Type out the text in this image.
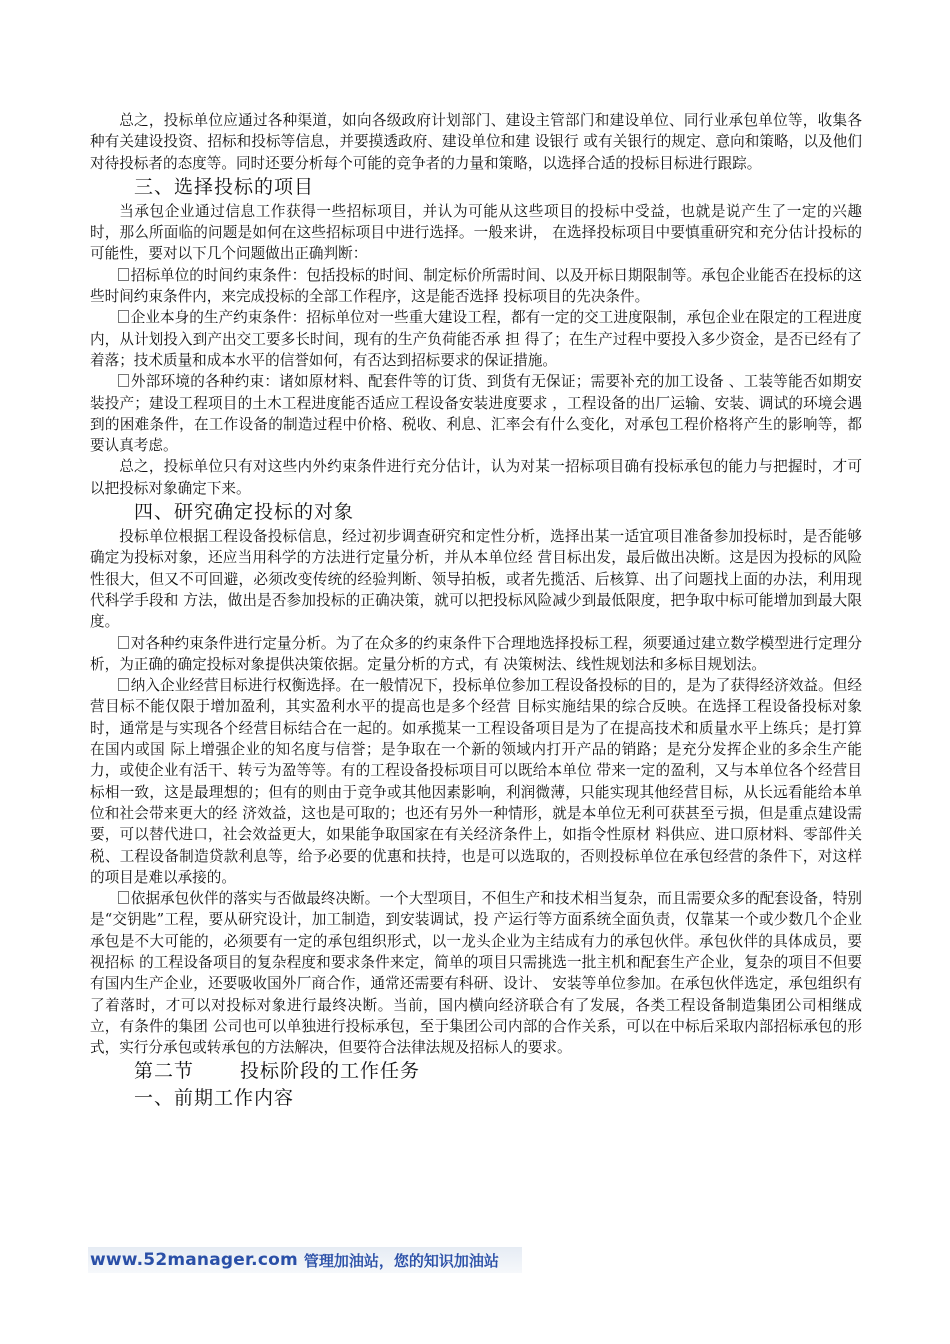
总之，投标单位应通过各种渠道，如向各级政府计划部门、建设主管部门和建设单位、同行业承包单位等，收集各种有关建设投资、招标和投标等信息，并要摸透政府、建设单位和建 设银行 或有关银行的规定、意向和策略，以及他们对待投标者的态度等。同时还要分析每个可能的竞争者的力量和策略，以选择合适的投标目标进行跟踪。

三、选择投标的项目

当承包企业通过信息工作获得一些招标项目，并认为可能从这些项目的投标中受益，也就是说产生了一定的兴趣时，那么所面临的问题是如何在这些招标项目中进行选择。一般来讲， 在选择投标项目中要慎重研究和充分估计投标的可能性，要对以下几个问题做出正确判断：

招标单位的时间约束条件：包括投标的时间、制定标价所需时间、以及开标日期限制等。承包企业能否在投标的这些时间约束条件内，来完成投标的全部工作程序，这是能否选择 投标项目的先决条件。

企业本身的生产约束条件：招标单位对一些重大建设工程，都有一定的交工进度限制，承包企业在限定的工程进度内，从计划投入到产出交工要多长时间，现有的生产负荷能否承 担 得了；在生产过程中要投入多少资金，是否已经有了着落；技术质量和成本水平的信誉如何，有否达到招标要求的保证措施。

外部环境的各种约束：诸如原材料、配套件等的订货、到货有无保证；需要补充的加工设备 、工装等能否如期安装投产；建设工程项目的土木工程进度能否适应工程设备安装进度要求 ，工程设备的出厂运输、安装、调试的环境会遇到的困难条件，在工作设备的制造过程中价格、税收、利息、汇率会有什么变化，对承包工程价格将产生的影响等，都要认真考虑。

总之，投标单位只有对这些内外约束条件进行充分估计，认为对某一招标项目确有投标承包的能力与把握时，才可以把投标对象确定下来。

四、研究确定投标的对象

投标单位根据工程设备投标信息，经过初步调查研究和定性分析，选择出某一适宜项目准备参加投标时，是否能够确定为投标对象，还应当用科学的方法进行定量分析，并从本单位经 营目标出发，最后做出决断。这是因为投标的风险性很大，但又不可回避，必须改变传统的经验判断、领导拍板，或者先揽活、后核算、出了问题找上面的办法，利用现代科学手段和 方法，做出是否参加投标的正确决策，就可以把投标风险减少到最低限度，把争取中标可能增加到最大限度。

对各种约束条件进行定量分析。为了在众多的约束条件下合理地选择投标工程，须要通过建立数学模型进行定理分析，为正确的确定投标对象提供决策依据。定量分析的方式，有 决策树法、线性规划法和多标目规划法。

纳入企业经营目标进行权衡选择。在一般情况下，投标单位参加工程设备投标的目的，是为了获得经济效益。但经营目标不能仅限于增加盈利，其实盈利水平的提高也是多个经营 目标实施结果的综合反映。在选择工程设备投标对象时，通常是与实现各个经营目标结合在一起的。如承揽某一工程设备项目是为了在提高技术和质量水平上练兵；是打算在国内或国 际上增强企业的知名度与信誉；是争取在一个新的领域内打开产品的销路；是充分发挥企业的多余生产能力，或使企业有活干、转亏为盈等等。有的工程设备投标项目可以既给本单位 带来一定的盈利，又与本单位各个经营目标相一致，这是最理想的；但有的则由于竞争或其他因素影响，利润微薄，只能实现其他经营目标，从长远看能给本单位和社会带来更大的经 济效益，这也是可取的；也还有另外一种情形，就是本单位无利可获甚至亏损，但是重点建设需要，可以替代进口，社会效益更大，如果能争取国家在有关经济条件上，如指令性原材 料供应、进口原材料、零部件关税、工程设备制造贷款利息等，给予必要的优惠和扶持，也是可以选取的，否则投标单位在承包经营的条件下，对这样的项目是难以承接的。

依据承包伙伴的落实与否做最终决断。一个大型项目，不但生产和技术相当复杂，而且需要众多的配套设备，特别是“交钥匙”工程，要从研究设计，加工制造，到安装调试，投 产运行等方面系统全面负责，仅靠某一个或少数几个企业承包是不大可能的，必须要有一定的承包组织形式，以一龙头企业为主结成有力的承包伙伴。承包伙伴的具体成员，要视招标 的工程设备项目的复杂程度和要求条件来定，简单的项目只需挑选一批主机和配套生产企业，复杂的项目不但要有国内生产企业，还要吸收国外厂商合作，通常还需要有科研、设计、 安装等单位参加。在承包伙伴选定，承包组织有了着落时，才可以对投标对象进行最终决断。当前，国内横向经济联合有了发展，各类工程设备制造集团公司相继成立，有条件的集团 公司也可以单独进行投标承包，至于集团公司内部的合作关系，可以在中标后采取内部招标承包的形式，实行分承包或转承包的方法解决，但要符合法律法规及招标人的要求。

第二节 投标阶段的工作任务
一、前期工作内容
www.52manager.com 管理加油站，您的知识加油站
